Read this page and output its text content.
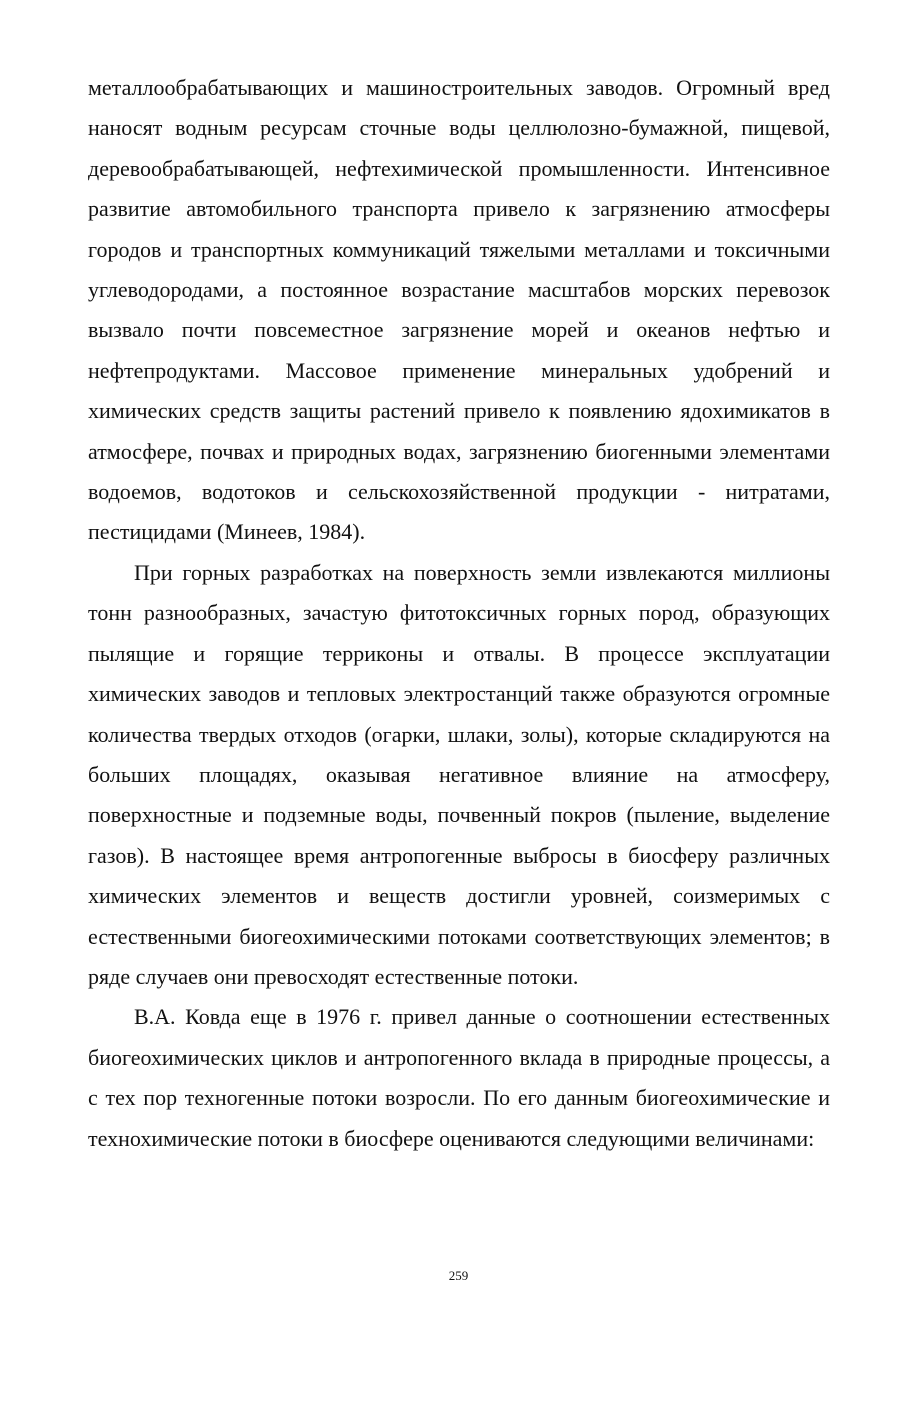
металлообрабатывающих и машиностроительных заводов. Огромный вред наносят водным ресурсам сточные воды целлюлозно-бумажной, пищевой, деревообрабатывающей, нефтехимической промышленности. Интенсивное развитие автомобильного транспорта привело к загрязнению атмосферы городов и транспортных коммуникаций тяжелыми металлами и токсичными углеводородами, а постоянное возрастание масштабов морских перевозок вызвало почти повсеместное загрязнение морей и океанов нефтью и нефтепродуктами. Массовое применение минеральных удобрений и химических средств защиты растений привело к появлению ядохимикатов в атмосфере, почвах и природных водах, загрязнению биогенными элементами водоемов, водотоков и сельскохозяйственной продукции - нитратами, пестицидами (Минеев, 1984).

При горных разработках на поверхность земли извлекаются миллионы тонн разнообразных, зачастую фитотоксичных горных пород, образующих пылящие и горящие терриконы и отвалы. В процессе эксплуатации химических заводов и тепловых электростанций также образуются огромные количества твердых отходов (огарки, шлаки, золы), которые складируются на больших площадях, оказывая негативное влияние на атмосферу, поверхностные и подземные воды, почвенный покров (пыление, выделение газов). В настоящее время антропогенные выбросы в биосферу различных химических элементов и веществ достигли уровней, соизмеримых с естественными биогеохимическими потоками соответствующих элементов; в ряде случаев они превосходят естественные потоки.

В.А. Ковда еще в 1976 г. привел данные о соотношении естественных биогеохимических циклов и антропогенного вклада в природные процессы, а с тех пор техногенные потоки возросли. По его данным биогеохимические и технохимические потоки в биосфере оцениваются следующими величинами:

259
